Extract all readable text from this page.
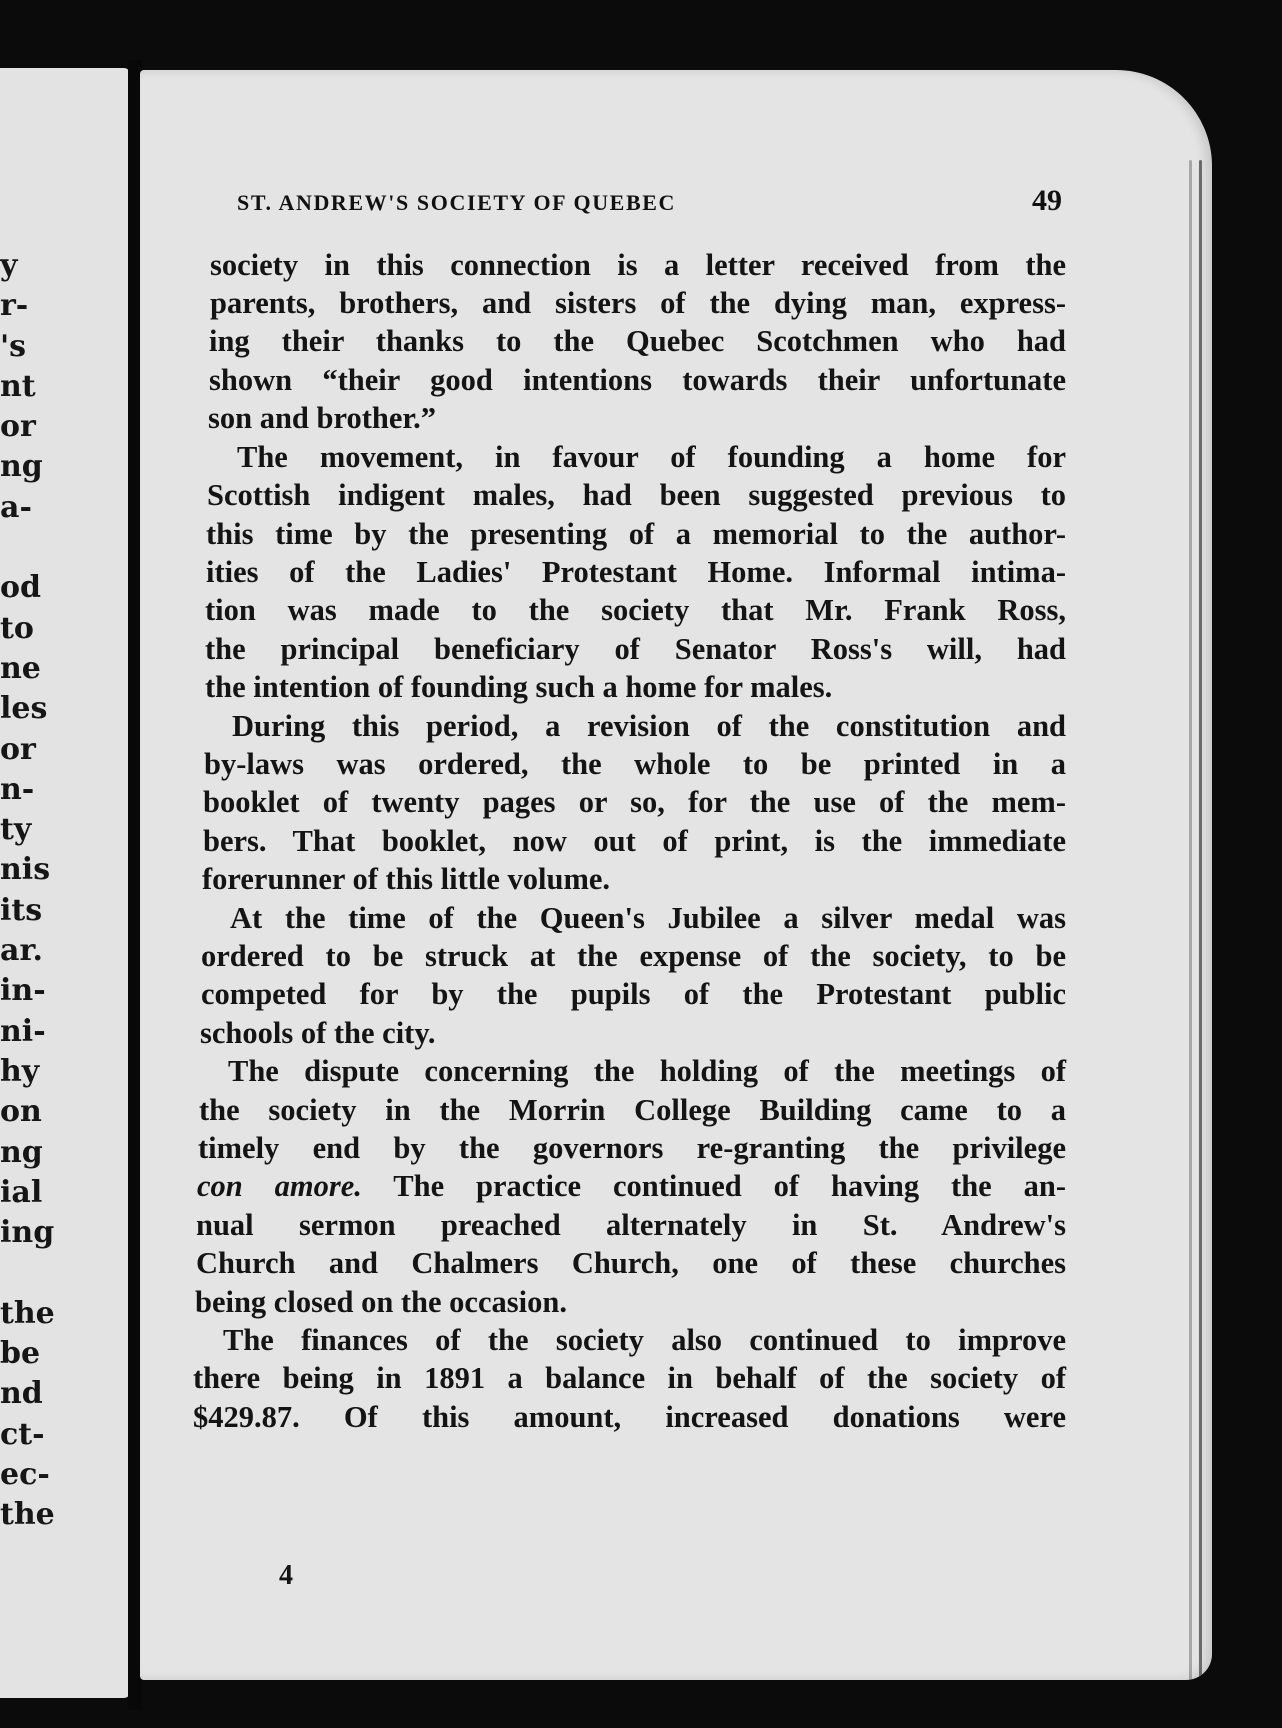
y
r-
's
nt
or
ng
a-
od
to
ne
les
or
n-
ty
nis
its
ar.
in-
ni-
hy
on
ng
ial
ing
the
be
nd
ct-
ec-
the
ST. ANDREW'S SOCIETY OF QUEBEC	49
society in this connection is a letter received from the
parents, brothers, and sisters of the dying man, express-
ing their thanks to the Quebec Scotchmen who had
shown “their good intentions towards their unfortunate
son and brother.”
The movement, in favour of founding a home for
Scottish indigent males, had been suggested previous to
this time by the presenting of a memorial to the author-
ities of the Ladies' Protestant Home. Informal intima-
tion was made to the society that Mr. Frank Ross,
the principal beneficiary of Senator Ross's will, had
the intention of founding such a home for males.
During this period, a revision of the constitution and
by-laws was ordered, the whole to be printed in a
booklet of twenty pages or so, for the use of the mem-
bers. That booklet, now out of print, is the immediate
forerunner of this little volume.
At the time of the Queen's Jubilee a silver medal was
ordered to be struck at the expense of the society, to be
competed for by the pupils of the Protestant public
schools of the city.
The dispute concerning the holding of the meetings of
the society in the Morrin College Building came to a
timely end by the governors re-granting the privilege
con amore. The practice continued of having the an-
nual sermon preached alternately in St. Andrew's
Church and Chalmers Church, one of these churches
being closed on the occasion.
The finances of the society also continued to improve
there being in 1891 a balance in behalf of the society of
$429.87. Of this amount, increased donations were
4
